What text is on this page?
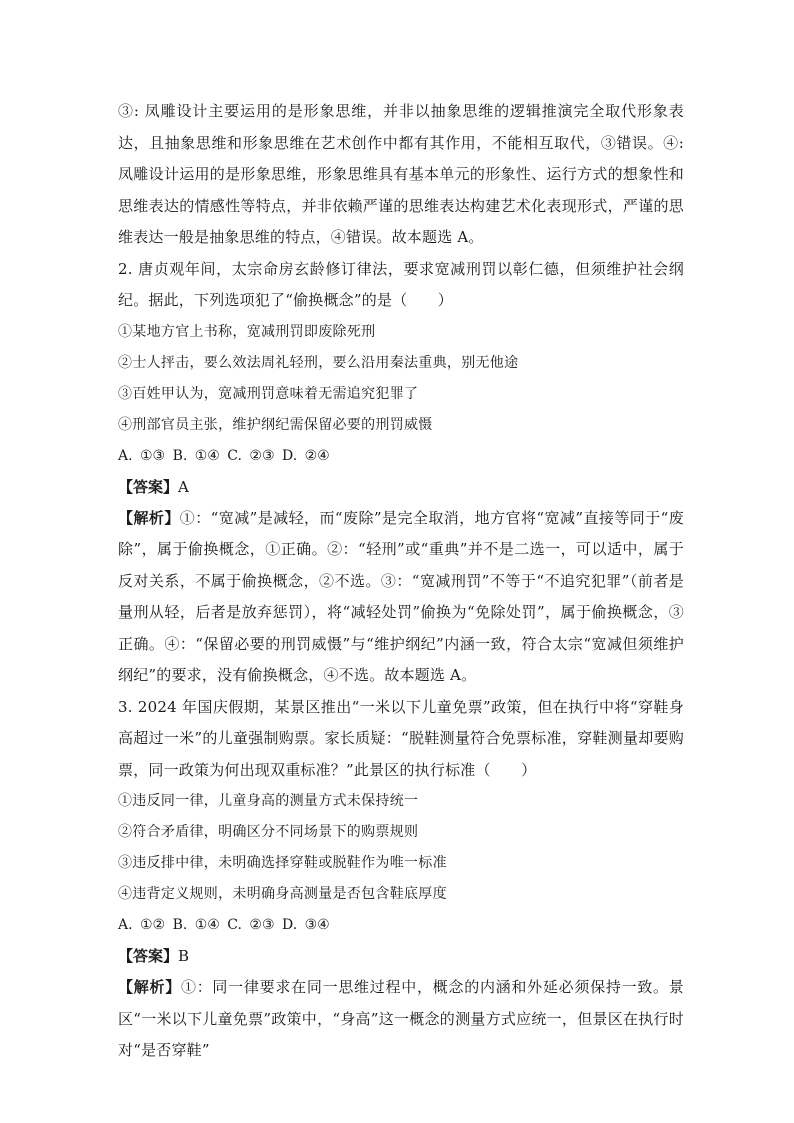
③: 凤雕设计主要运用的是形象思维，并非以抽象思维的逻辑推演完全取代形象表达，且抽象思维和形象思维在艺术创作中都有其作用，不能相互取代，③错误。④: 凤雕设计运用的是形象思维，形象思维具有基本单元的形象性、运行方式的想象性和思维表达的情感性等特点，并非依赖严谨的思维表达构建艺术化表现形式，严谨的思维表达一般是抽象思维的特点，④错误。故本题选 A。

2. 唐贞观年间，太宗命房玄龄修订律法，要求宽减刑罚以彰仁德，但须维护社会纲纪。据此，下列选项犯了“偷换概念”的是（　　）

①某地方官上书称，宽减刑罚即废除死刑

②士人抨击，要么效法周礼轻刑，要么沿用秦法重典，别无他途

③百姓甲认为，宽减刑罚意味着无需追究犯罪了

④刑部官员主张，维护纲纪需保留必要的刑罚威慑

A. ①③ B. ①④ C. ②③ D. ②④

【答案】A

【解析】①：“宽减”是减轻，而“废除”是完全取消，地方官将“宽减”直接等同于“废除”，属于偷换概念，①正确。②：“轻刑”或“重典”并不是二选一，可以适中，属于反对关系，不属于偷换概念，②不选。③：“宽减刑罚”不等于“不追究犯罪”（前者是量刑从轻，后者是放弃惩罚），将“减轻处罚”偷换为“免除处罚”，属于偷换概念，③正确。④：“保留必要的刑罚威慑”与“维护纲纪”内涵一致，符合太宗“宽减但须维护纲纪”的要求，没有偷换概念，④不选。故本题选 A。

3. 2024 年国庆假期，某景区推出“一米以下儿童免票”政策，但在执行中将“穿鞋身高超过一米”的儿童强制购票。家长质疑：“脱鞋测量符合免票标准，穿鞋测量却要购票，同一政策为何出现双重标准？”此景区的执行标准（　　）

①违反同一律，儿童身高的测量方式未保持统一

②符合矛盾律，明确区分不同场景下的购票规则

③违反排中律，未明确选择穿鞋或脱鞋作为唯一标准

④违背定义规则，未明确身高测量是否包含鞋底厚度

A. ①② B. ①④ C. ②③ D. ③④

【答案】B

【解析】①：同一律要求在同一思维过程中，概念的内涵和外延必须保持一致。景区“一米以下儿童免票”政策中，“身高”这一概念的测量方式应统一，但景区在执行时对“是否穿鞋”
